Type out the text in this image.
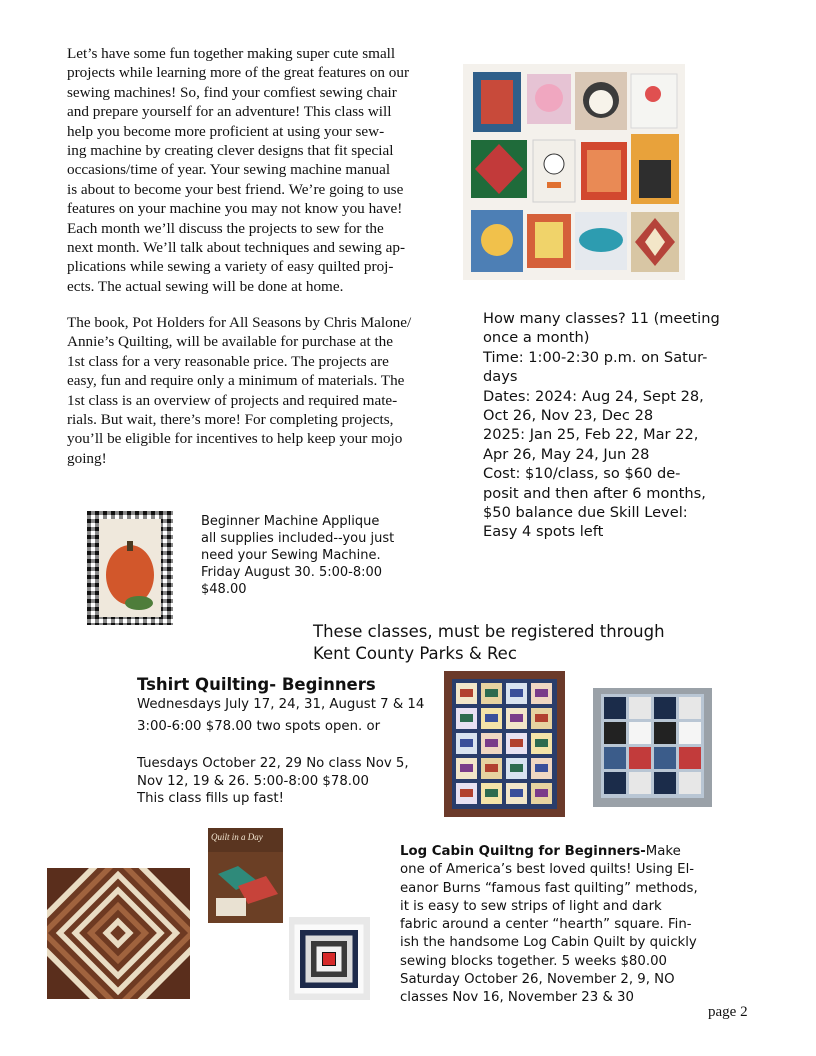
Let’s have some fun together making super cute small
projects while learning more of the great features on our
sewing machines! So, find your comfiest sewing chair
and prepare yourself for an adventure! This class will
help you become more proficient at using your sew-
ing machine by creating clever designs that fit special
occasions/time of year. Your sewing machine manual
is about to become your best friend. We’re going to use
features on your machine you may not know you have!
Each month we’ll discuss the projects to sew for the
next month. We’ll talk about techniques and sewing ap-
plications while sewing a variety of easy quilted proj-
ects. The actual sewing will be done at home.
The book, Pot Holders for All Seasons by Chris Malone/
Annie’s Quilting, will be available for purchase at the
1st class for a very reasonable price. The projects are
easy, fun and require only a minimum of materials. The
1st class is an overview of projects and required mate-
rials. But wait, there’s more! For completing projects,
you’ll be eligible for incentives to help keep your mojo
going!
How many classes? 11 (meeting
once a month)
Time: 1:00-2:30 p.m. on Satur-
days
Dates: 2024: Aug 24, Sept 28,
Oct 26, Nov 23, Dec 28
2025: Jan 25, Feb 22, Mar 22,
Apr 26, May 24, Jun 28
Cost: $10/class, so $60 de-
posit and then after 6 months,
$50 balance due Skill Level:
Easy 4 spots left
Beginner Machine Applique
all supplies included--you just
need your Sewing Machine.
Friday August 30. 5:00-8:00
$48.00
These classes, must be registered through
Kent County Parks & Rec
Tshirt Quilting- Beginners
Wednesdays July 17, 24, 31, August 7 & 14
3:00-6:00 $78.00 two spots open. or
Tuesdays October 22, 29 No class Nov 5,
Nov 12, 19 & 26. 5:00-8:00 $78.00
This class fills up fast!
Quilt in a Day
Log Cabin Quiltng for Beginners-Make
one of America’s best loved quilts! Using El-
eanor Burns “famous fast quilting” methods,
it is easy to sew strips of light and dark
fabric around a center “hearth” square. Fin-
ish the handsome Log Cabin Quilt by quickly
sewing blocks together. 5 weeks $80.00
Saturday October 26, November 2, 9, NO
classes Nov 16, November 23 & 30
page 2
